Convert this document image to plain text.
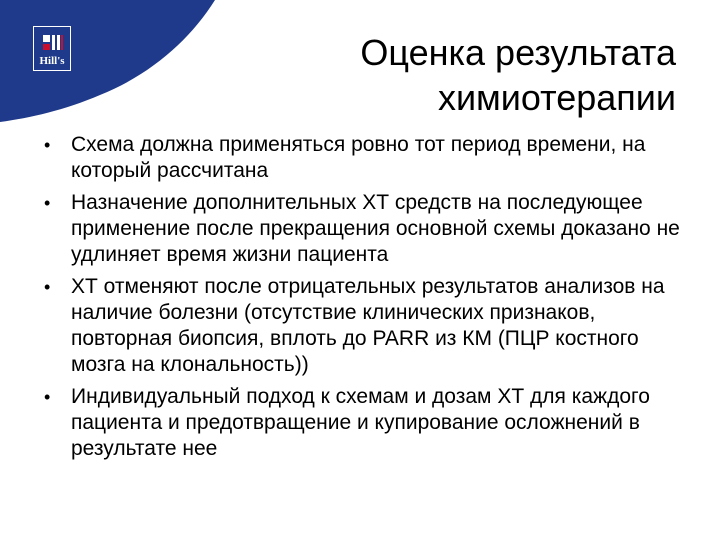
Hill's	Оценка результата
химиотерапии
• Схема должна применяться ровно тот период времени, на который рассчитана
• Назначение дополнительных ХТ средств на последующее применение после прекращения основной схемы доказано не удлиняет время жизни пациента
• ХТ отменяют после отрицательных результатов анализов на наличие болезни (отсутствие клинических признаков, повторная биопсия, вплоть до PARR из КМ (ПЦР костного мозга на клональность))
• Индивидуальный подход к схемам и дозам ХТ для каждого пациента и предотвращение и купирование осложнений в результате нее
